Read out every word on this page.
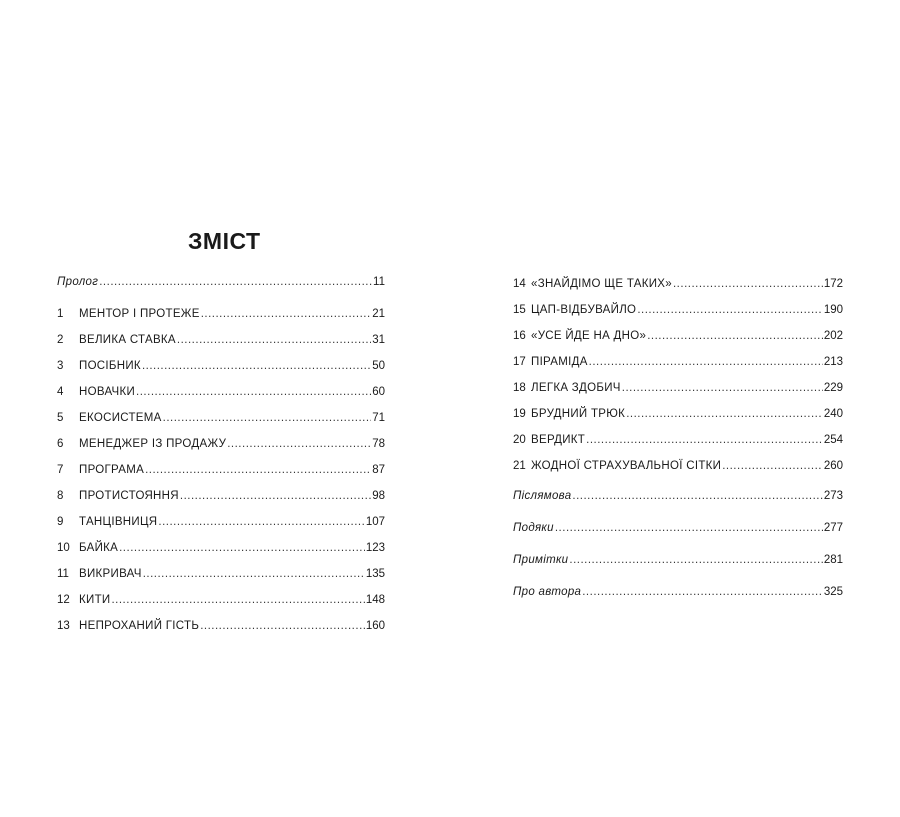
ЗМІСТ
Пролог .....	11
1	МЕНТОР І ПРОТЕЖЕ .....	21
2	ВЕЛИКА СТАВКА .....	31
3	ПОСІБНИК .....	50
4	НОВАЧКИ .....	60
5	ЕКОСИСТЕМА .....	71
6	МЕНЕДЖЕР ІЗ ПРОДАЖУ .....	78
7	ПРОГРАМА .....	87
8	ПРОТИСТОЯННЯ .....	98
9	ТАНЦІВНИЦЯ .....	107
10 БАЙКА .....	123
11 ВИКРИВАЧ .....	135
12 КИТИ .....	148
13 НЕПРОХАНИЙ ГІСТЬ .....	160
14 «ЗНАЙДІМО ЩЕ ТАКИХ» .....	172
15 ЦАП-ВІДБУВАЙЛО .....	190
16 «УСЕ ЙДЕ НА ДНО» .....	202
17 ПІРАМІДА .....	213
18 ЛЕГКА ЗДОБИЧ .....	229
19 БРУДНИЙ ТРЮК .....	240
20 ВЕРДИКТ .....	254
21 ЖОДНОЇ СТРАХУВАЛЬНОЇ СІТКИ .....	260
Післямова .....	273
Подяки .....	277
Примітки .....	281
Про автора .....	325
